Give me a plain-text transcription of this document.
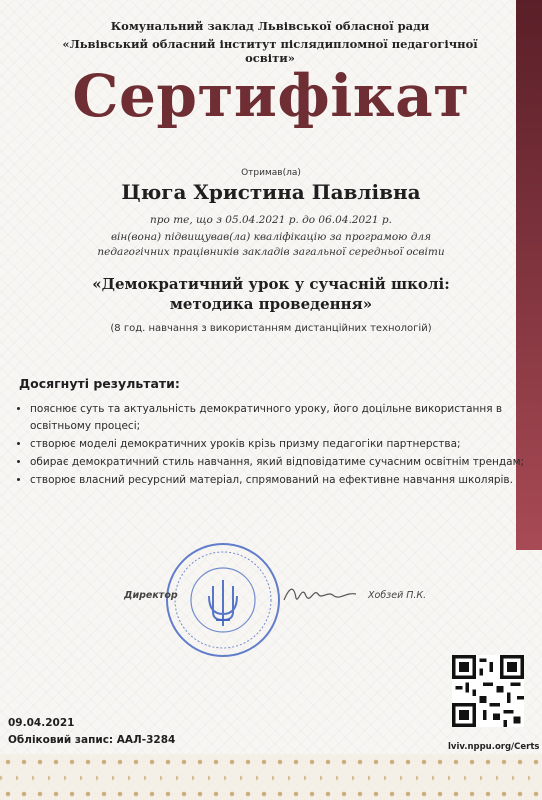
Комунальний заклад Львівської обласної ради
«Львівський обласний інститут післядипломної педагогічної освіти»
Сертифікат
Отримав(ла)
Цюга Христина Павлівна
про те, що з 05.04.2021 р. до 06.04.2021 р.
він(вона) підвищував(ла) кваліфікацію за програмою для
педагогічних працівників закладів загальної середньої освіти
«Демократичний урок у сучасній школі:
методика проведення»
(8 год. навчання з використанням дистанційних технологій)
Досягнуті результати:
• пояснює суть та актуальність демократичного уроку, його доцільне використання в освітньому процесі;
• створює моделі демократичних уроків крізь призму педагогіки партнерства;
• обирає демократичний стиль навчання, який відповідатиме сучасним освітнім трендам;
• створює власний ресурсний матеріал, спрямований на ефективне навчання школярів.
Директор	Хобзей П.К.
lviv.nppu.org/Certs
09.04.2021
Обліковий запис: ААЛ-3284
